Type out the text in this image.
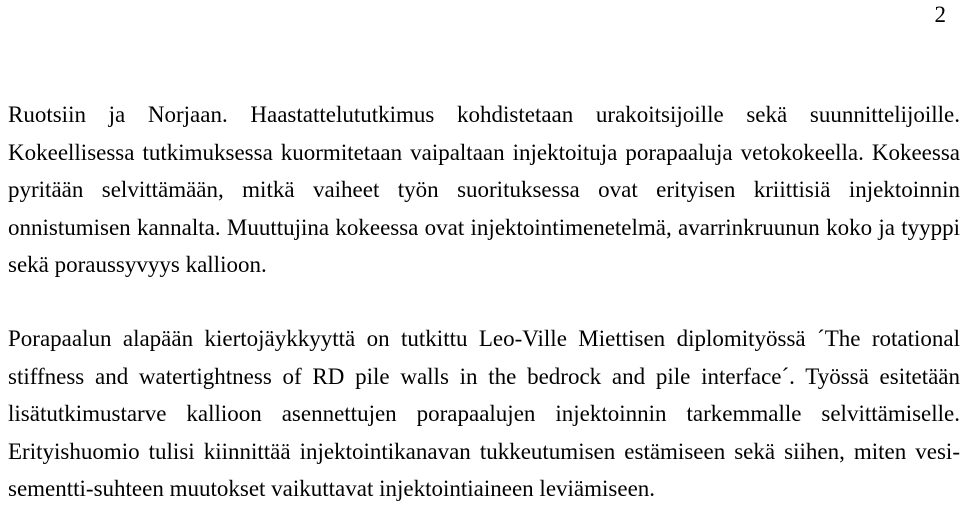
2

Ruotsiin ja Norjaan. Haastattelututkimus kohdistetaan urakoitsijoille sekä suunnittelijoille. Kokeellisessa tutkimuksessa kuormitetaan vaipaltaan injektoituja porapaaluja vetokokeella. Kokeessa pyritään selvittämään, mitkä vaiheet työn suorituksessa ovat erityisen kriittisiä injektoinnin onnistumisen kannalta. Muuttujina kokeessa ovat injektointimenetelmä, avarrinkruunun koko ja tyyppi sekä poraussyvyys kallioon.

Porapaalun alapään kiertojäykkyyttä on tutkittu Leo-Ville Miettisen diplomityössä ´The rotational stiffness and watertightness of RD pile walls in the bedrock and pile interface´. Työssä esitetään lisätutkimustarve kallioon asennettujen porapaalujen injektoinnin tarkemmalle selvittämiselle. Erityishuomio tulisi kiinnittää injektointikanavan tukkeutumisen estämiseen sekä siihen, miten vesi-sementti-suhteen muutokset vaikuttavat injektointiaineen leviämiseen.
